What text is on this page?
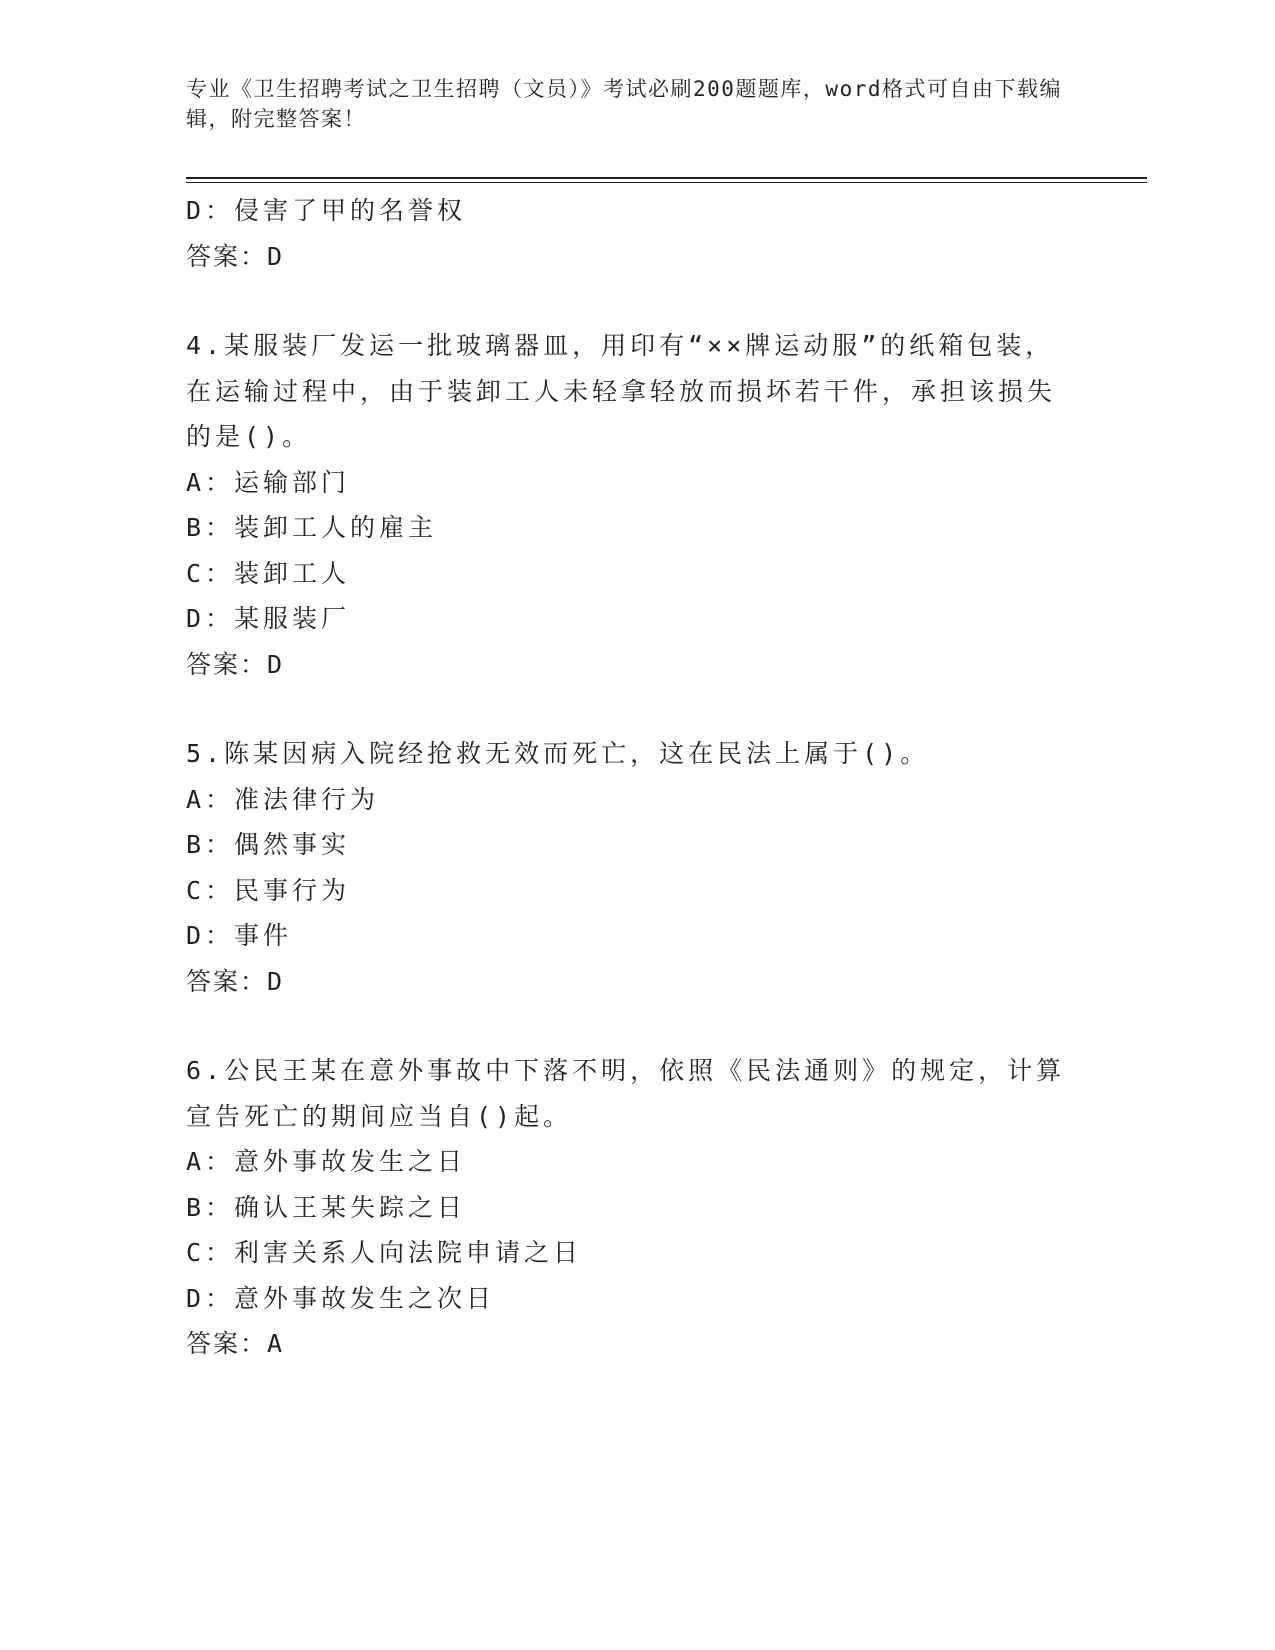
专业《卫生招聘考试之卫生招聘（文员）》考试必刷200题题库，word格式可自由下载编辑，附完整答案！
D：侵害了甲的名誉权
答案：D
4.某服装厂发运一批玻璃器皿，用印有“××牌运动服”的纸箱包装，在运输过程中，由于装卸工人未轻拿轻放而损坏若干件，承担该损失的是()。
A：运输部门
B：装卸工人的雇主
C：装卸工人
D：某服装厂
答案：D
5.陈某因病入院经抢救无效而死亡，这在民法上属于()。
A：准法律行为
B：偶然事实
C：民事行为
D：事件
答案：D
6.公民王某在意外事故中下落不明，依照《民法通则》的规定，计算宣告死亡的期间应当自()起。
A：意外事故发生之日
B：确认王某失踪之日
C：利害关系人向法院申请之日
D：意外事故发生之次日
答案：A
